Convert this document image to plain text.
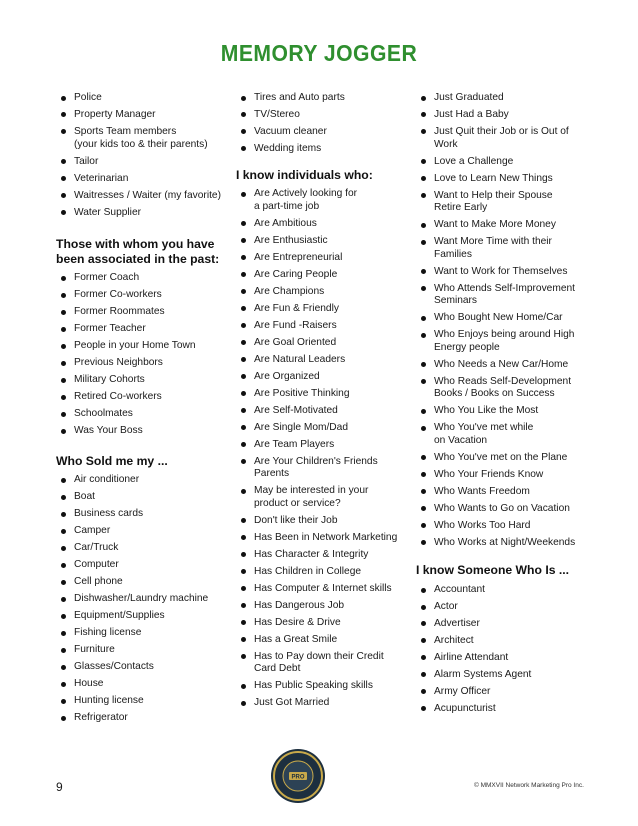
MEMORY JOGGER
Police
Property Manager
Sports Team members
(your kids too & their parents)
Tailor
Veterinarian
Waitresses / Waiter (my favorite)
Water Supplier
Those with whom you have been associated in the past:
Former Coach
Former Co-workers
Former Roommates
Former Teacher
People in your Home Town
Previous Neighbors
Military Cohorts
Retired Co-workers
Schoolmates
Was Your Boss
Who Sold me my ...
Air conditioner
Boat
Business cards
Camper
Car/Truck
Computer
Cell phone
Dishwasher/Laundry machine
Equipment/Supplies
Fishing license
Furniture
Glasses/Contacts
House
Hunting license
Refrigerator
Tires and Auto parts
TV/Stereo
Vacuum cleaner
Wedding items
I know individuals who:
Are Actively looking for
a part-time job
Are Ambitious
Are Enthusiastic
Are Entrepreneurial
Are Caring People
Are Champions
Are Fun & Friendly
Are Fund -Raisers
Are Goal Oriented
Are Natural Leaders
Are Organized
Are Positive Thinking
Are Self-Motivated
Are Single Mom/Dad
Are Team Players
Are Your Children's Friends
Parents
May be interested in your
product or service?
Don't like their Job
Has Been in Network Marketing
Has Character & Integrity
Has Children in College
Has Computer & Internet skills
Has Dangerous Job
Has Desire & Drive
Has a Great Smile
Has to Pay down their Credit
Card Debt
Has Public Speaking skills
Just Got Married
Just Graduated
Just Had a Baby
Just Quit their Job or is Out of
Work
Love a Challenge
Love to Learn New Things
Want to Help their Spouse
Retire Early
Want to Make More Money
Want More Time with their
Families
Want to Work for Themselves
Who Attends Self-Improvement
Seminars
Who Bought New Home/Car
Who Enjoys being around High
Energy people
Who Needs a New Car/Home
Who Reads Self-Development
Books / Books on Success
Who You Like the Most
Who You've met while
on Vacation
Who You've met on the Plane
Who Your Friends Know
Who Wants Freedom
Who Wants to Go on Vacation
Who Works Too Hard
Who Works at Night/Weekends
I know Someone Who Is ...
Accountant
Actor
Advertiser
Architect
Airline Attendant
Alarm Systems Agent
Army Officer
Acupuncturist
9
PRO
© MMXVII Network Marketing Pro Inc.
